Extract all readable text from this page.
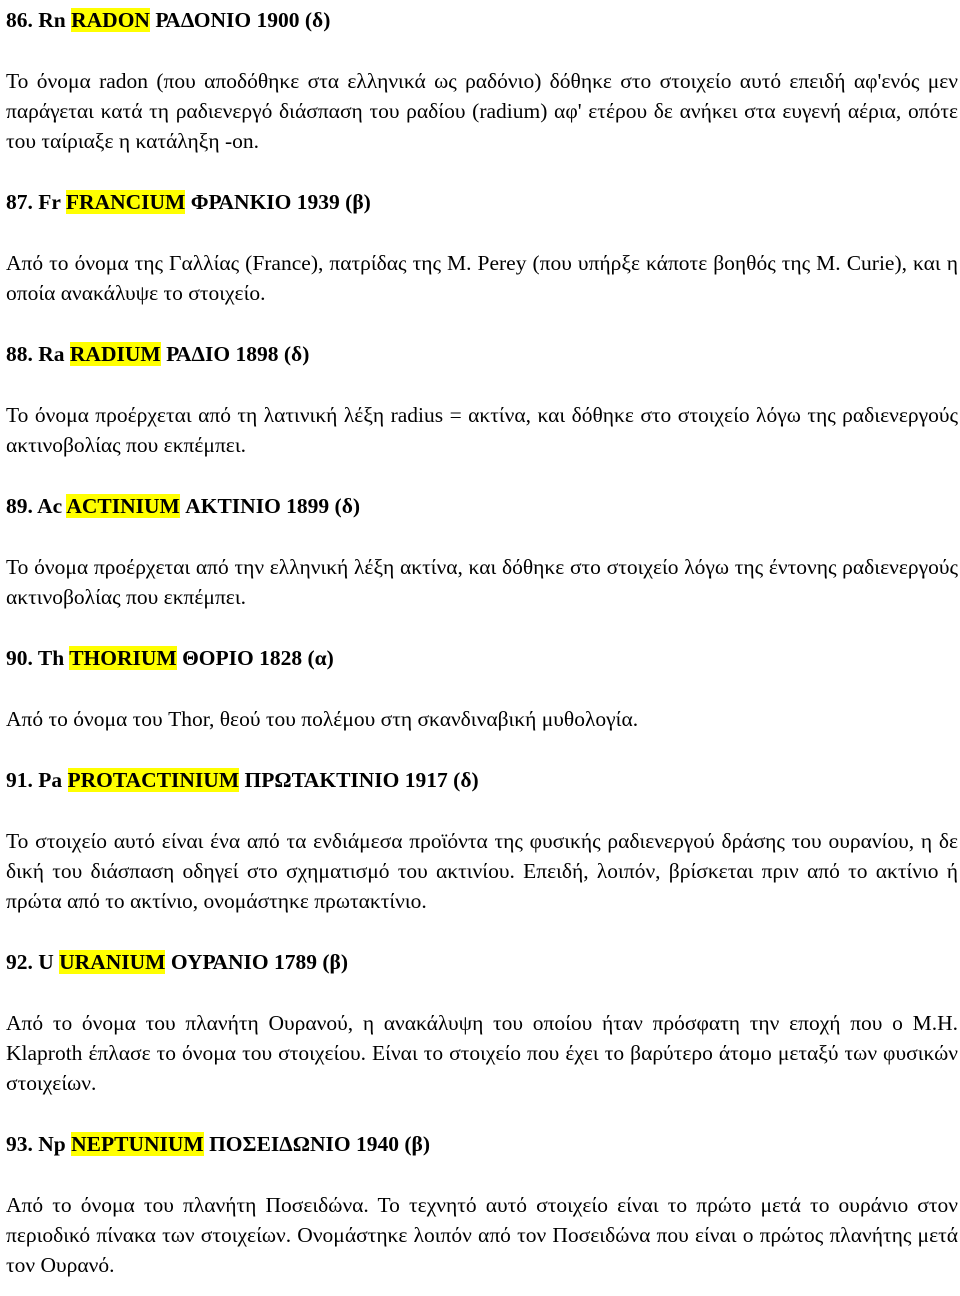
86. Rn RADON ΡΑΔΟΝΙΟ 1900 (δ)

Το όνομα radon (που αποδόθηκε στα ελληνικά ως ραδόνιο) δόθηκε στο στοιχείο αυτό επειδή αφ'ενός μεν παράγεται κατά τη ραδιενεργό διάσπαση του ραδίου (radium) αφ' ετέρου δε ανήκει στα ευγενή αέρια, οπότε του ταίριαξε η κατάληξη -on.

87. Fr FRANCIUM ΦΡΑΝΚΙΟ 1939 (β)

Από το όνομα της Γαλλίας (France), πατρίδας της M. Perey (που υπήρξε κάποτε βοηθός της M. Curie), και η οποία ανακάλυψε το στοιχείο.

88. Ra RADIUM ΡΑΔΙΟ 1898 (δ)

Το όνομα προέρχεται από τη λατινική λέξη radius = ακτίνα, και δόθηκε στο στοιχείο λόγω της ραδιενεργούς ακτινοβολίας που εκπέμπει.

89. Ac ACTINIUM ΑΚΤΙΝΙΟ 1899 (δ)

Το όνομα προέρχεται από την ελληνική λέξη ακτίνα, και δόθηκε στο στοιχείο λόγω της έντονης ραδιενεργούς ακτινοβολίας που εκπέμπει.

90. Th THORIUM ΘΟΡΙΟ 1828 (α)

Από το όνομα του Thor, θεού του πολέμου στη σκανδιναβική μυθολογία.

91. Pa PROTACTINIUM ΠΡΩΤΑΚΤΙΝΙΟ 1917 (δ)

Το στοιχείο αυτό είναι ένα από τα ενδιάμεσα προϊόντα της φυσικής ραδιενεργού δράσης του ουρανίου, η δε δική του διάσπαση οδηγεί στο σχηματισμό του ακτινίου. Επειδή, λοιπόν, βρίσκεται πριν από το ακτίνιο ή πρώτα από το ακτίνιο, ονομάστηκε πρωτακτίνιο.

92. U URANIUM ΟΥΡΑΝΙΟ 1789 (β)

Από το όνομα του πλανήτη Ουρανού, η ανακάλυψη του οποίου ήταν πρόσφατη την εποχή που ο M.H. Klaproth έπλασε το όνομα του στοιχείου. Είναι το στοιχείο που έχει το βαρύτερο άτομο μεταξύ των φυσικών στοιχείων.

93. Np NEPTUNIUM ΠΟΣΕΙΔΩΝΙΟ 1940 (β)

Από το όνομα του πλανήτη Ποσειδώνα. Το τεχνητό αυτό στοιχείο είναι το πρώτο μετά το ουράνιο στον περιοδικό πίνακα των στοιχείων. Ονομάστηκε λοιπόν από τον Ποσειδώνα που είναι ο πρώτος πλανήτης μετά τον Ουρανό.
